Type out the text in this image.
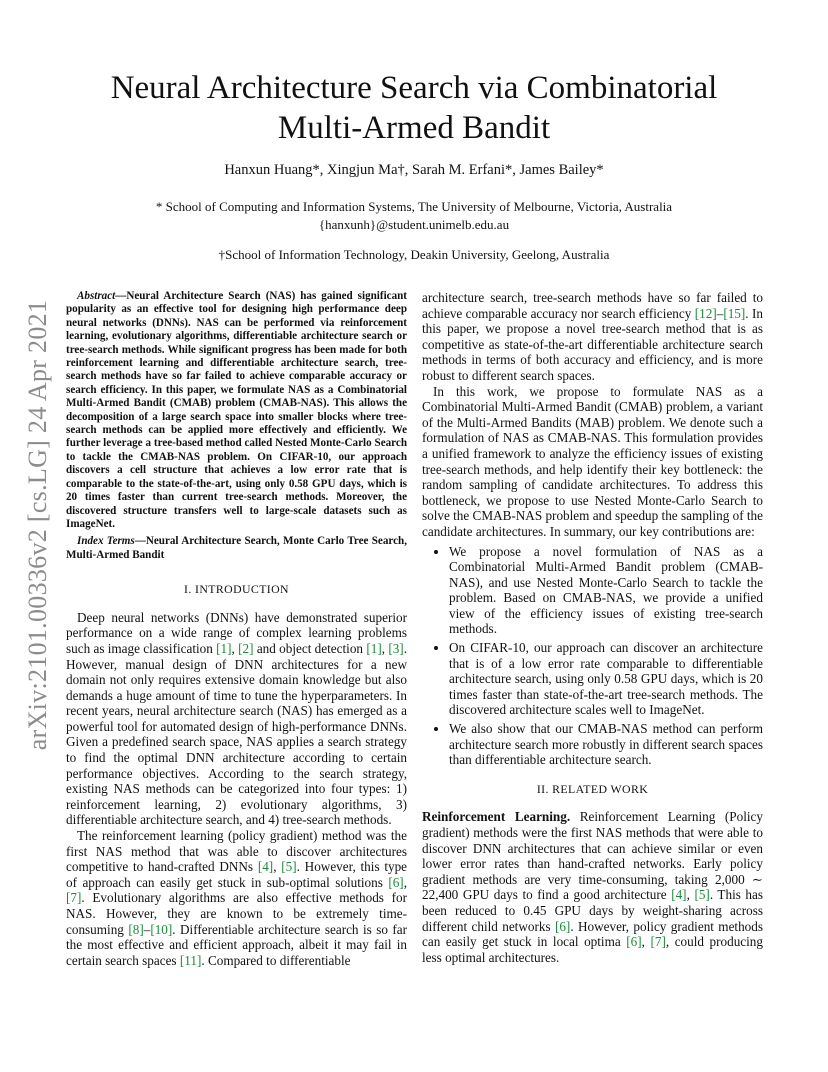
arXiv:2101.00336v2 [cs.LG] 24 Apr 2021
Neural Architecture Search via Combinatorial
Multi-Armed Bandit
Hanxun Huang*, Xingjun Ma†, Sarah M. Erfani*, James Bailey*
* School of Computing and Information Systems, The University of Melbourne, Victoria, Australia
{hanxunh}@student.unimelb.edu.au
†School of Information Technology, Deakin University, Geelong, Australia

Abstract—Neural Architecture Search (NAS) has gained significant popularity as an effective tool for designing high performance deep neural networks (DNNs). NAS can be performed via reinforcement learning, evolutionary algorithms, differentiable architecture search or tree-search methods. While significant progress has been made for both reinforcement learning and differentiable architecture search, tree-search methods have so far failed to achieve comparable accuracy or search efficiency. In this paper, we formulate NAS as a Combinatorial Multi-Armed Bandit (CMAB) problem (CMAB-NAS). This allows the decomposition of a large search space into smaller blocks where tree-search methods can be applied more effectively and efficiently. We further leverage a tree-based method called Nested Monte-Carlo Search to tackle the CMAB-NAS problem. On CIFAR-10, our approach discovers a cell structure that achieves a low error rate that is comparable to the state-of-the-art, using only 0.58 GPU days, which is 20 times faster than current tree-search methods. Moreover, the discovered structure transfers well to large-scale datasets such as ImageNet.

Index Terms—Neural Architecture Search, Monte Carlo Tree Search, Multi-Armed Bandit

I. INTRODUCTION

Deep neural networks (DNNs) have demonstrated superior performance on a wide range of complex learning problems such as image classification [1], [2] and object detection [1], [3]. However, manual design of DNN architectures for a new domain not only requires extensive domain knowledge but also demands a huge amount of time to tune the hyperparameters. In recent years, neural architecture search (NAS) has emerged as a powerful tool for automated design of high-performance DNNs. Given a predefined search space, NAS applies a search strategy to find the optimal DNN architecture according to certain performance objectives. According to the search strategy, existing NAS methods can be categorized into four types: 1) reinforcement learning, 2) evolutionary algorithms, 3) differentiable architecture search, and 4) tree-search methods.

The reinforcement learning (policy gradient) method was the first NAS method that was able to discover architectures competitive to hand-crafted DNNs [4], [5]. However, this type of approach can easily get stuck in sub-optimal solutions [6], [7]. Evolutionary algorithms are also effective methods for NAS. However, they are known to be extremely time-consuming [8]–[10]. Differentiable architecture search is so far the most effective and efficient approach, albeit it may fail in certain search spaces [11]. Compared to differentiable

architecture search, tree-search methods have so far failed to achieve comparable accuracy nor search efficiency [12]–[15]. In this paper, we propose a novel tree-search method that is as competitive as state-of-the-art differentiable architecture search methods in terms of both accuracy and efficiency, and is more robust to different search spaces.

In this work, we propose to formulate NAS as a Combinatorial Multi-Armed Bandit (CMAB) problem, a variant of the Multi-Armed Bandits (MAB) problem. We denote such a formulation of NAS as CMAB-NAS. This formulation provides a unified framework to analyze the efficiency issues of existing tree-search methods, and help identify their key bottleneck: the random sampling of candidate architectures. To address this bottleneck, we propose to use Nested Monte-Carlo Search to solve the CMAB-NAS problem and speedup the sampling of the candidate architectures. In summary, our key contributions are:

• We propose a novel formulation of NAS as a Combinatorial Multi-Armed Bandit problem (CMAB-NAS), and use Nested Monte-Carlo Search to tackle the problem. Based on CMAB-NAS, we provide a unified view of the efficiency issues of existing tree-search methods.
• On CIFAR-10, our approach can discover an architecture that is of a low error rate comparable to differentiable architecture search, using only 0.58 GPU days, which is 20 times faster than state-of-the-art tree-search methods. The discovered architecture scales well to ImageNet.
• We also show that our CMAB-NAS method can perform architecture search more robustly in different search spaces than differentiable architecture search.
II. RELATED WORK

Reinforcement Learning. Reinforcement Learning (Policy gradient) methods were the first NAS methods that were able to discover DNN architectures that can achieve similar or even lower error rates than hand-crafted networks. Early policy gradient methods are very time-consuming, taking 2,000 ∼ 22,400 GPU days to find a good architecture [4], [5]. This has been reduced to 0.45 GPU days by weight-sharing across different child networks [6]. However, policy gradient methods can easily get stuck in local optima [6], [7], could producing less optimal architectures.
